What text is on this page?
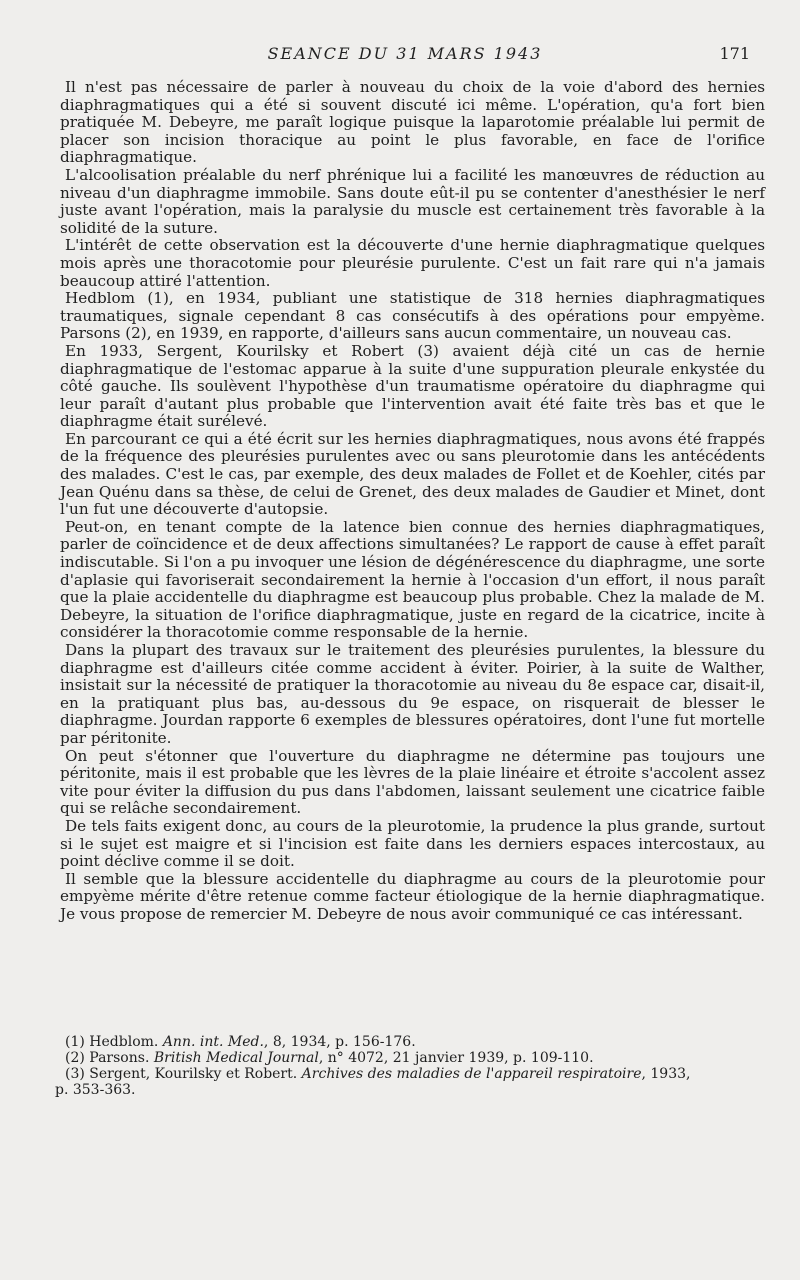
SEANCE DU 31 MARS 1943	171

Il n'est pas nécessaire de parler à nouveau du choix de la voie d'abord des hernies diaphragmatiques qui a été si souvent discuté ici même. L'opération, qu'a fort bien pratiquée M. Debeyre, me paraît logique puisque la laparotomie préalable lui permit de placer son incision thoracique au point le plus favorable, en face de l'orifice diaphragmatique.

L'alcoolisation préalable du nerf phrénique lui a facilité les manœuvres de réduction au niveau d'un diaphragme immobile. Sans doute eût-il pu se contenter d'anesthésier le nerf juste avant l'opération, mais la paralysie du muscle est certainement très favorable à la solidité de la suture.

L'intérêt de cette observation est la découverte d'une hernie diaphragmatique quelques mois après une thoracotomie pour pleurésie purulente. C'est un fait rare qui n'a jamais beaucoup attiré l'attention.

Hedblom (1), en 1934, publiant une statistique de 318 hernies diaphragmatiques traumatiques, signale cependant 8 cas consécutifs à des opérations pour empyème. Parsons (2), en 1939, en rapporte, d'ailleurs sans aucun commentaire, un nouveau cas.

En 1933, Sergent, Kourilsky et Robert (3) avaient déjà cité un cas de hernie diaphragmatique de l'estomac apparue à la suite d'une suppuration pleurale enkystée du côté gauche. Ils soulèvent l'hypothèse d'un traumatisme opératoire du diaphragme qui leur paraît d'autant plus probable que l'intervention avait été faite très bas et que le diaphragme était surélevé.

En parcourant ce qui a été écrit sur les hernies diaphragmatiques, nous avons été frappés de la fréquence des pleurésies purulentes avec ou sans pleurotomie dans les antécédents des malades. C'est le cas, par exemple, des deux malades de Follet et de Koehler, cités par Jean Quénu dans sa thèse, de celui de Grenet, des deux malades de Gaudier et Minet, dont l'un fut une découverte d'autopsie.

Peut-on, en tenant compte de la latence bien connue des hernies diaphragmatiques, parler de coïncidence et de deux affections simultanées? Le rapport de cause à effet paraît indiscutable. Si l'on a pu invoquer une lésion de dégénérescence du diaphragme, une sorte d'aplasie qui favoriserait secondairement la hernie à l'occasion d'un effort, il nous paraît que la plaie accidentelle du diaphragme est beaucoup plus probable. Chez la malade de M. Debeyre, la situation de l'orifice diaphragmatique, juste en regard de la cicatrice, incite à considérer la thoracotomie comme responsable de la hernie.

Dans la plupart des travaux sur le traitement des pleurésies purulentes, la blessure du diaphragme est d'ailleurs citée comme accident à éviter. Poirier, à la suite de Walther, insistait sur la nécessité de pratiquer la thoracotomie au niveau du 8e espace car, disait-il, en la pratiquant plus bas, au-dessous du 9e espace, on risquerait de blesser le diaphragme. Jourdan rapporte 6 exemples de blessures opératoires, dont l'une fut mortelle par péritonite.

On peut s'étonner que l'ouverture du diaphragme ne détermine pas toujours une péritonite, mais il est probable que les lèvres de la plaie linéaire et étroite s'accolent assez vite pour éviter la diffusion du pus dans l'abdomen, laissant seulement une cicatrice faible qui se relâche secondairement.

De tels faits exigent donc, au cours de la pleurotomie, la prudence la plus grande, surtout si le sujet est maigre et si l'incision est faite dans les derniers espaces intercostaux, au point déclive comme il se doit.

Il semble que la blessure accidentelle du diaphragme au cours de la pleurotomie pour empyème mérite d'être retenue comme facteur étiologique de la hernie diaphragmatique. Je vous propose de remercier M. Debeyre de nous avoir communiqué ce cas intéressant.

(1) Hedblom. Ann. int. Med., 8, 1934, p. 156-176.

(2) Parsons. British Medical Journal, n° 4072, 21 janvier 1939, p. 109-110.

(3) Sergent, Kourilsky et Robert. Archives des maladies de l'appareil respiratoire, 1933,
p. 353-363.
